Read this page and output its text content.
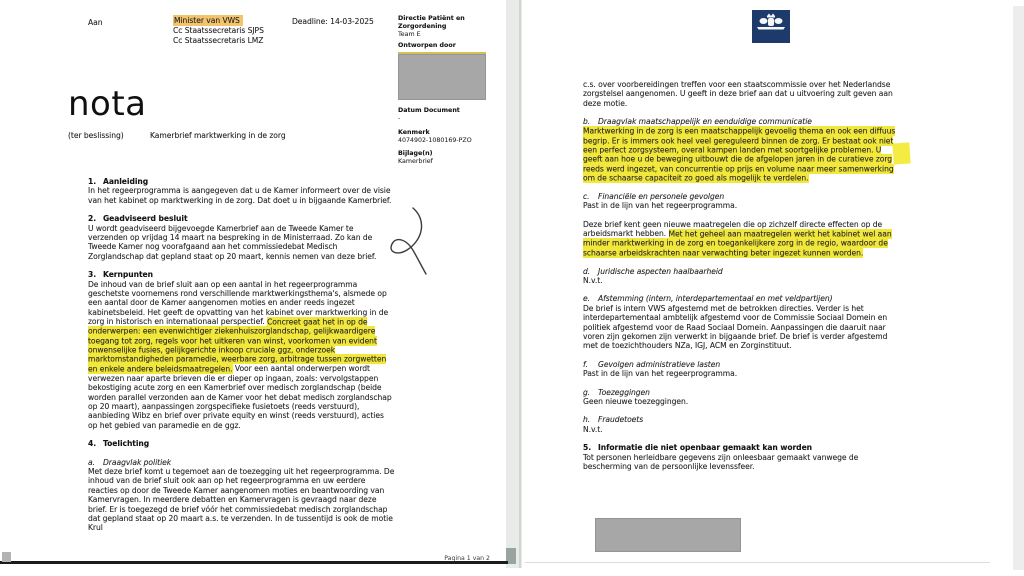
Aan	Minister van VWS
Cc Staatssecretaris SJPS
Cc Staatssecretaris LMZ
Deadline: 14-03-2025	Directie Patiënt en Zorgordening
Team E
Ontworpen door
Datum Document
-
Kenmerk
4074902-1080169-PZO
Bijlage(n)
Kamerbrief
nota
(ter beslissing)	Kamerbrief marktwerking in de zorg
1. Aanleiding
In het regeerprogramma is aangegeven dat u de Kamer informeert over de visie van het kabinet op marktwerking in de zorg. Dat doet u in bijgaande Kamerbrief.
2. Geadviseerd besluit
U wordt geadviseerd bijgevoegde Kamerbrief aan de Tweede Kamer te verzenden op vrijdag 14 maart na bespreking in de Ministerraad. Zo kan de Tweede Kamer nog voorafgaand aan het commissiedebat Medisch Zorglandschap dat gepland staat op 20 maart, kennis nemen van deze brief.
3. Kernpunten
De inhoud van de brief sluit aan op een aantal in het regeerprogramma geschetste voornemens rond verschillende marktwerkingsthema's, alsmede op een aantal door de Kamer aangenomen moties en ander reeds ingezet kabinetsbeleid. Het geeft de opvatting van het kabinet over marktwerking in de zorg in historisch en internationaal perspectief. Concreet gaat het in op de onderwerpen: een evenwichtiger ziekenhuiszorglandschap, gelijkwaardigere toegang tot zorg, regels voor het uitkeren van winst, voorkomen van evident onwenselijke fusies, gelijkgerichte inkoop cruciale ggz, onderzoek marktomstandigheden paramedie, weerbare zorg, arbitrage tussen zorgwetten en enkele andere beleidsmaatregelen. Voor een aantal onderwerpen wordt verwezen naar aparte brieven die er dieper op ingaan, zoals: vervolgstappen bekostiging acute zorg en een Kamerbrief over medisch zorglandschap (beide worden parallel verzonden aan de Kamer voor het debat medisch zorglandschap op 20 maart), aanpassingen zorgspecifieke fusietoets (reeds verstuurd), aanbieding Wibz en brief over private equity en winst (reeds verstuurd), acties op het gebied van paramedie en de ggz.
4. Toelichting
a. Draagvlak politiek
Met deze brief komt u tegemoet aan de toezegging uit het regeerprogramma. De inhoud van de brief sluit ook aan op het regeerprogramma en uw eerdere reacties op door de Tweede Kamer aangenomen moties en beantwoording van Kamervragen. In meerdere debatten en Kamervragen is gevraagd naar deze brief. Er is toegezegd de brief vóór het commissiedebat medisch zorglandschap dat gepland staat op 20 maart a.s. te verzenden. In de tussentijd is ook de motie Krul
Pagina 1 van 2
c.s. over voorbereidingen treffen voor een staatscommissie over het Nederlandse zorgstelsel aangenomen. U geeft in deze brief aan dat u uitvoering zult geven aan deze motie.
b. Draagvlak maatschappelijk en eenduidige communicatie
Marktwerking in de zorg is een maatschappelijk gevoelig thema en ook een diffuus begrip. Er is immers ook heel veel gereguleerd binnen de zorg. Er bestaat ook niet een perfect zorgsysteem, overal kampen landen met soortgelijke problemen. U geeft aan hoe u de beweging uitbouwt die de afgelopen jaren in de curatieve zorg reeds werd ingezet, van concurrentie op prijs en volume naar meer samenwerking om de schaarse capaciteit zo goed als mogelijk te verdelen.
c. Financiële en personele gevolgen
Past in de lijn van het regeerprogramma.
Deze brief kent geen nieuwe maatregelen die op zichzelf directe effecten op de arbeidsmarkt hebben. Met het geheel aan maatregelen werkt het kabinet wel aan minder marktwerking in de zorg en toegankelijkere zorg in de regio, waardoor de schaarse arbeidskrachten naar verwachting beter ingezet kunnen worden.
d. Juridische aspecten haalbaarheid
N.v.t.
e. Afstemming (intern, interdepartementaal en met veldpartijen)
De brief is intern VWS afgestemd met de betrokken directies. Verder is het interdepartementaal ambtelijk afgestemd voor de Commissie Sociaal Domein en politiek afgestemd voor de Raad Sociaal Domein. Aanpassingen die daaruit naar voren zijn gekomen zijn verwerkt in bijgaande brief. De brief is verder afgestemd met de toezichthouders NZa, IGJ, ACM en Zorginstituut.
f. Gevolgen administratieve lasten
Past in de lijn van het regeerprogramma.
g. Toezeggingen
Geen nieuwe toezeggingen.
h. Fraudetoets
N.v.t.
5. Informatie die niet openbaar gemaakt kan worden
Tot personen herleidbare gegevens zijn onleesbaar gemaakt vanwege de bescherming van de persoonlijke levenssfeer.
